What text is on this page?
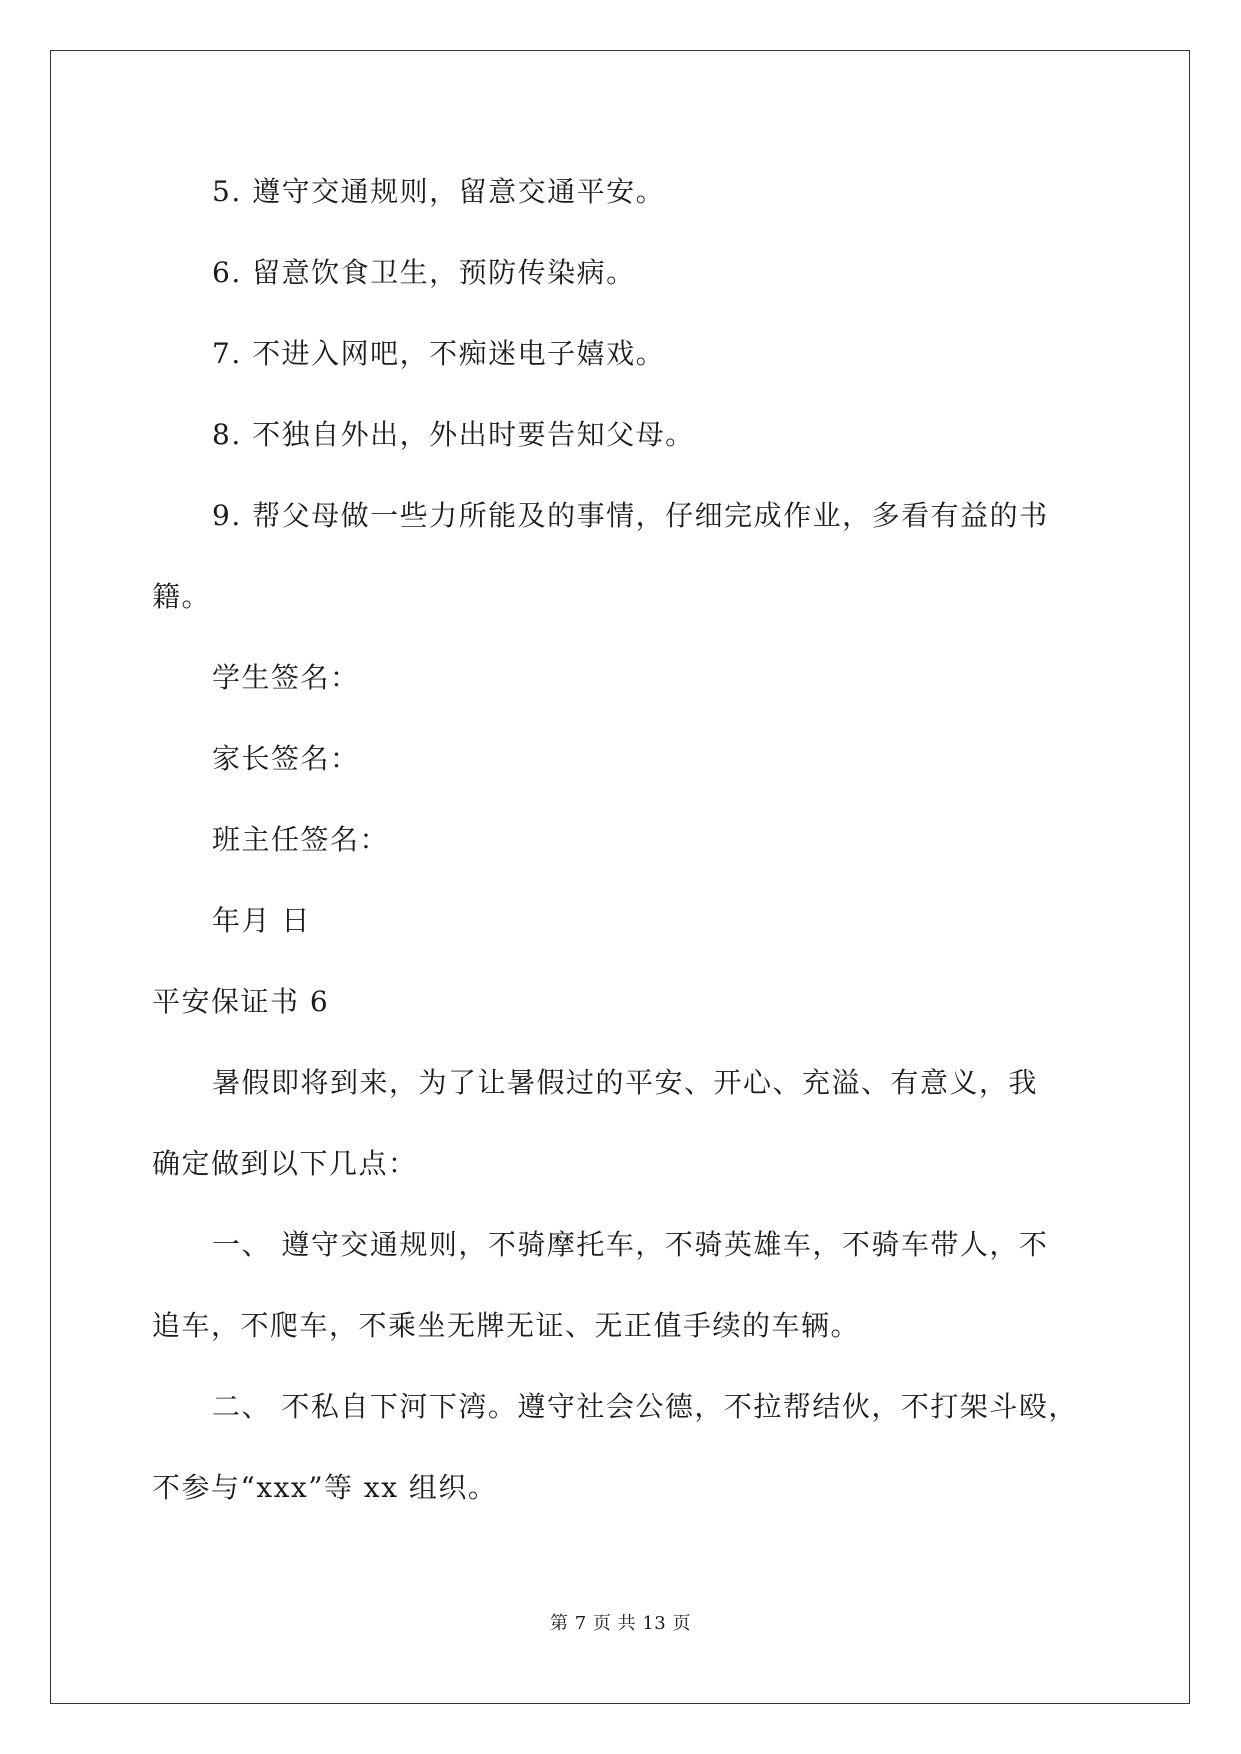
5. 遵守交通规则，留意交通平安。
6. 留意饮食卫生，预防传染病。
7. 不进入网吧，不痴迷电子嬉戏。
8. 不独自外出，外出时要告知父母。
9. 帮父母做一些力所能及的事情，仔细完成作业，多看有益的书
籍。
学生签名：
家长签名：
班主任签名：
年月 日
平安保证书 6
暑假即将到来，为了让暑假过的平安、开心、充溢、有意义，我
确定做到以下几点：
一、 遵守交通规则，不骑摩托车，不骑英雄车，不骑车带人，不
追车，不爬车，不乘坐无牌无证、无正值手续的车辆。
二、 不私自下河下湾。遵守社会公德，不拉帮结伙，不打架斗殴，
不参与“xxx”等 xx 组织。
第 7 页 共 13 页
